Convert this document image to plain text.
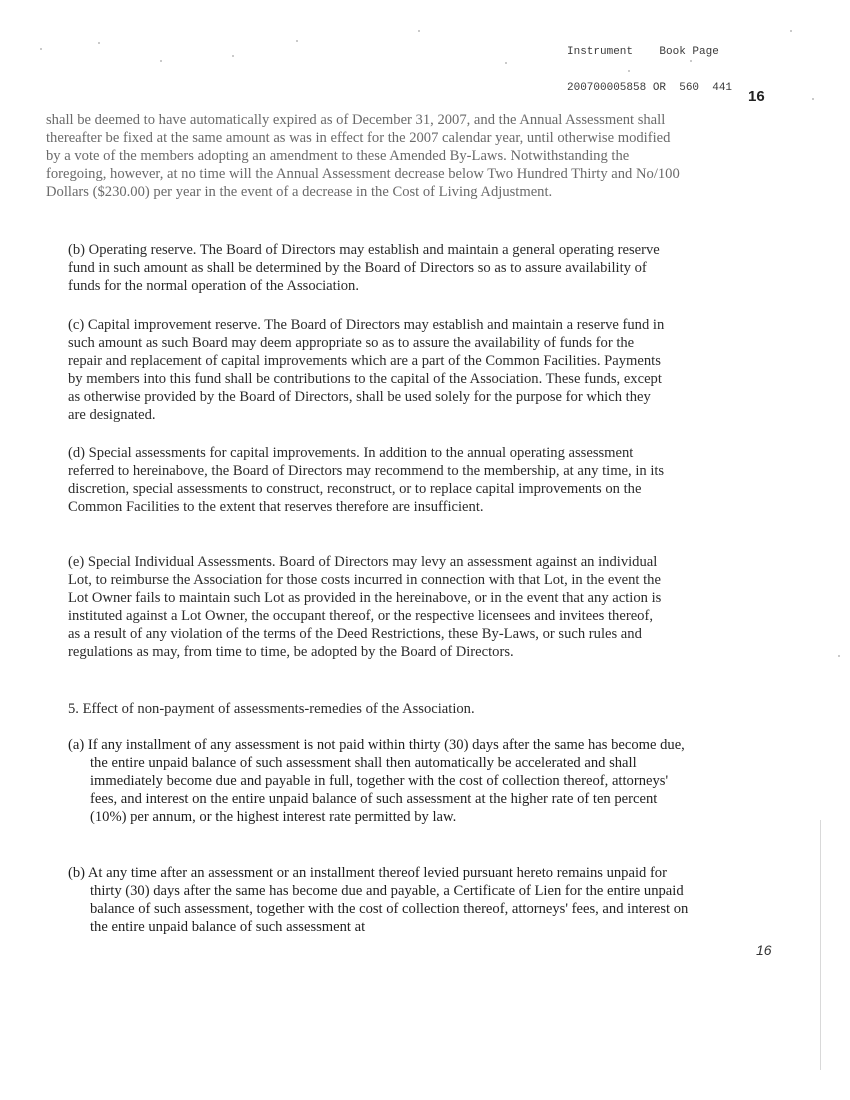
Instrument    Book Page

200700005858 OR  560  441

16

shall be deemed to have automatically expired as of December 31, 2007, and the Annual Assessment shall thereafter be fixed at the same amount as was in effect for the 2007 calendar year, until otherwise modified by a vote of the members adopting an amendment to these Amended By-Laws. Notwithstanding the foregoing, however, at no time will the Annual Assessment decrease below Two Hundred Thirty and No/100 Dollars ($230.00) per year in the event of a decrease in the Cost of Living Adjustment.

(b) Operating reserve. The Board of Directors may establish and maintain a general operating reserve fund in such amount as shall be determined by the Board of Directors so as to assure availability of funds for the normal operation of the Association.

(c) Capital improvement reserve. The Board of Directors may establish and maintain a reserve fund in such amount as such Board may deem appropriate so as to assure the availability of funds for the repair and replacement of capital improvements which are a part of the Common Facilities. Payments by members into this fund shall be contributions to the capital of the Association. These funds, except as otherwise provided by the Board of Directors, shall be used solely for the purpose for which they are designated.

(d) Special assessments for capital improvements. In addition to the annual operating assessment referred to hereinabove, the Board of Directors may recommend to the membership, at any time, in its discretion, special assessments to construct, reconstruct, or to replace capital improvements on the Common Facilities to the extent that reserves therefore are insufficient.

(e) Special Individual Assessments. Board of Directors may levy an assessment against an individual Lot, to reimburse the Association for those costs incurred in connection with that Lot, in the event the Lot Owner fails to maintain such Lot as provided in the hereinabove, or in the event that any action is instituted against a Lot Owner, the occupant thereof, or the respective licensees and invitees thereof, as a result of any violation of the terms of the Deed Restrictions, these By-Laws, or such rules and regulations as may, from time to time, be adopted by the Board of Directors.

5. Effect of non-payment of assessments-remedies of the Association.

(a) If any installment of any assessment is not paid within thirty (30) days after the same has become due, the entire unpaid balance of such assessment shall then automatically be accelerated and shall immediately become due and payable in full, together with the cost of collection thereof, attorneys' fees, and interest on the entire unpaid balance of such assessment at the higher rate of ten percent (10%) per annum, or the highest interest rate permitted by law.

(b) At any time after an assessment or an installment thereof levied pursuant hereto remains unpaid for thirty (30) days after the same has become due and payable, a Certificate of Lien for the entire unpaid balance of such assessment, together with the cost of collection thereof, attorneys' fees, and interest on the entire unpaid balance of such assessment at

16
